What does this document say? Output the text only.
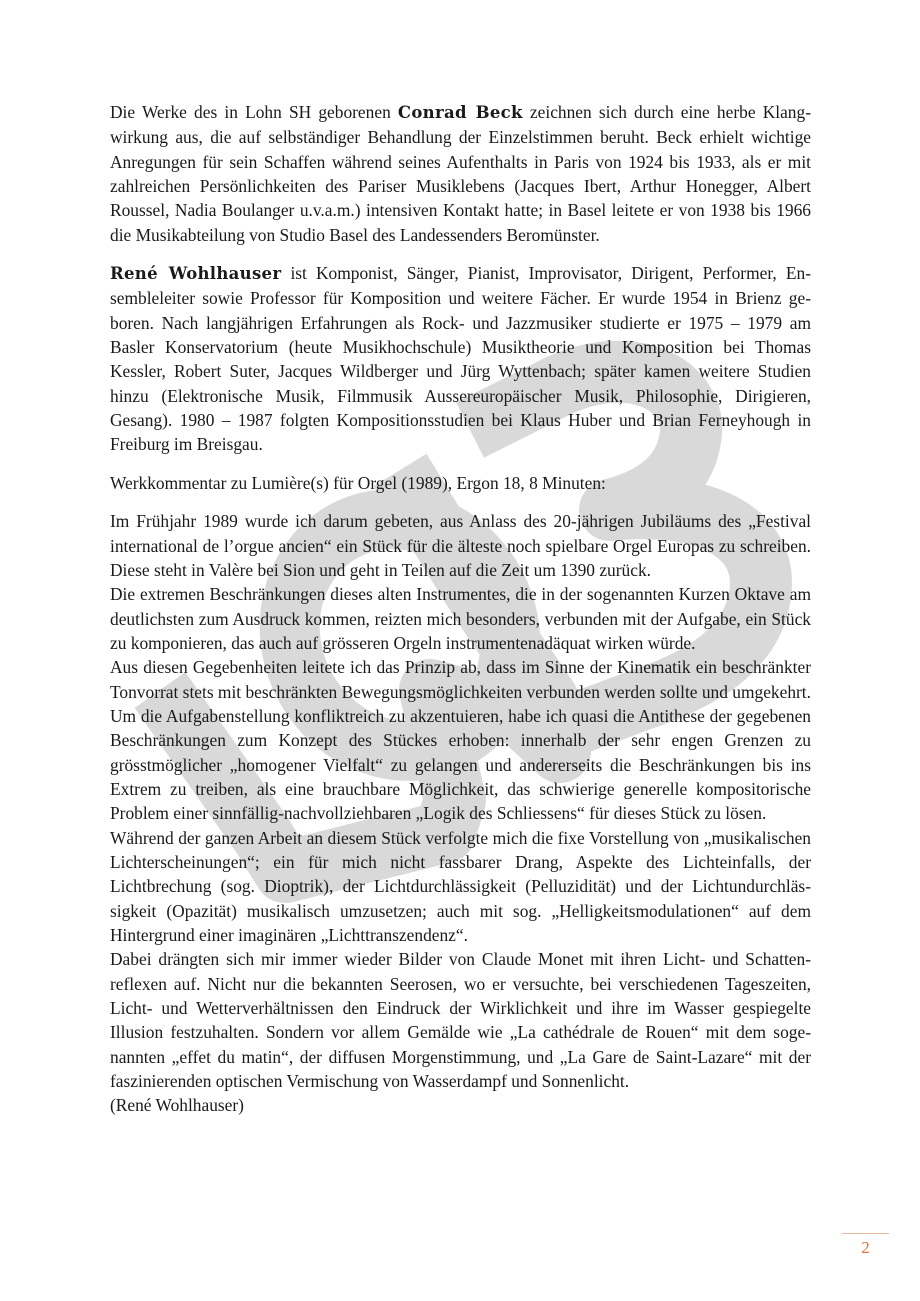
Die Werke des in Lohn SH geborenen Conrad Beck zeichnen sich durch eine herbe Klangwirkung aus, die auf selbständiger Behandlung der Einzelstimmen beruht. Beck erhielt wichtige Anregungen für sein Schaffen während seines Aufenthalts in Paris von 1924 bis 1933, als er mit zahlreichen Persönlichkeiten des Pariser Musiklebens (Jacques Ibert, Arthur Honegger, Albert Roussel, Nadia Boulanger u.v.a.m.) intensiven Kontakt hatte; in Basel leitete er von 1938 bis 1966 die Musikabteilung von Studio Basel des Landessenders Beromünster.

René Wohlhauser ist Komponist, Sänger, Pianist, Improvisator, Dirigent, Performer, Ensembleleiter sowie Professor für Komposition und weitere Fächer. Er wurde 1954 in Brienz geboren. Nach langjährigen Erfahrungen als Rock- und Jazzmusiker studierte er 1975 – 1979 am Basler Konservatorium (heute Musikhochschule) Musiktheorie und Komposition bei Thomas Kessler, Robert Suter, Jacques Wildberger und Jürg Wyttenbach; später kamen weitere Studien hinzu (Elektronische Musik, Filmmusik Aussereuropäischer Musik, Philosophie, Dirigieren, Gesang). 1980 – 1987 folgten Kompositionsstudien bei Klaus Huber und Brian Ferneyhough in Freiburg im Breisgau.

Werkkommentar zu Lumière(s) für Orgel (1989), Ergon 18, 8 Minuten:

Im Frühjahr 1989 wurde ich darum gebeten, aus Anlass des 20-jährigen Jubiläums des „Festival international de l’orgue ancien“ ein Stück für die älteste noch spielbare Orgel Europas zu schreiben. Diese steht in Valère bei Sion und geht in Teilen auf die Zeit um 1390 zurück.

Die extremen Beschränkungen dieses alten Instrumentes, die in der sogenannten Kurzen Oktave am deutlichsten zum Ausdruck kommen, reizten mich besonders, verbunden mit der Aufgabe, ein Stück zu komponieren, das auch auf grösseren Orgeln instrumentenadäquat wirken würde.

Aus diesen Gegebenheiten leitete ich das Prinzip ab, dass im Sinne der Kinematik ein beschränkter Tonvorrat stets mit beschränkten Bewegungsmöglichkeiten verbunden werden sollte und umgekehrt. Um die Aufgabenstellung konfliktreich zu akzentuieren, habe ich quasi die Antithese der gegebenen Beschränkungen zum Konzept des Stückes erhoben: innerhalb der sehr engen Grenzen zu grösstmöglicher „homogener Vielfalt“ zu gelangen und andererseits die Beschränkungen bis ins Extrem zu treiben, als eine brauchbare Möglichkeit, das schwierige generelle kompositorische Problem einer sinnfällig-nachvollziehbaren „Logik des Schliessens“ für dieses Stück zu lösen.

Während der ganzen Arbeit an diesem Stück verfolgte mich die fixe Vorstellung von „musikalischen Lichterscheinungen“; ein für mich nicht fassbarer Drang, Aspekte des Lichteinfalls, der Lichtbrechung (sog. Dioptrik), der Lichtdurchlässigkeit (Pelluzidität) und der Lichtundurchlässigkeit (Opazität) musikalisch umzusetzen; auch mit sog. „Helligkeitsmodulationen“ auf dem Hintergrund einer imaginären „Lichttranszendenz“.

Dabei drängten sich mir immer wieder Bilder von Claude Monet mit ihren Licht- und Schattenreflexen auf. Nicht nur die bekannten Seerosen, wo er versuchte, bei verschiedenen Tageszeiten, Licht- und Wetterverhältnissen den Eindruck der Wirklichkeit und ihre im Wasser gespiegelte Illusion festzuhalten. Sondern vor allem Gemälde wie „La cathédrale de Rouen“ mit dem sogenannten „effet du matin“, der diffusen Morgenstimmung, und „La Gare de Saint-Lazare“ mit der faszinierenden optischen Vermischung von Wasserdampf und Sonnenlicht.

(René Wohlhauser)

2
